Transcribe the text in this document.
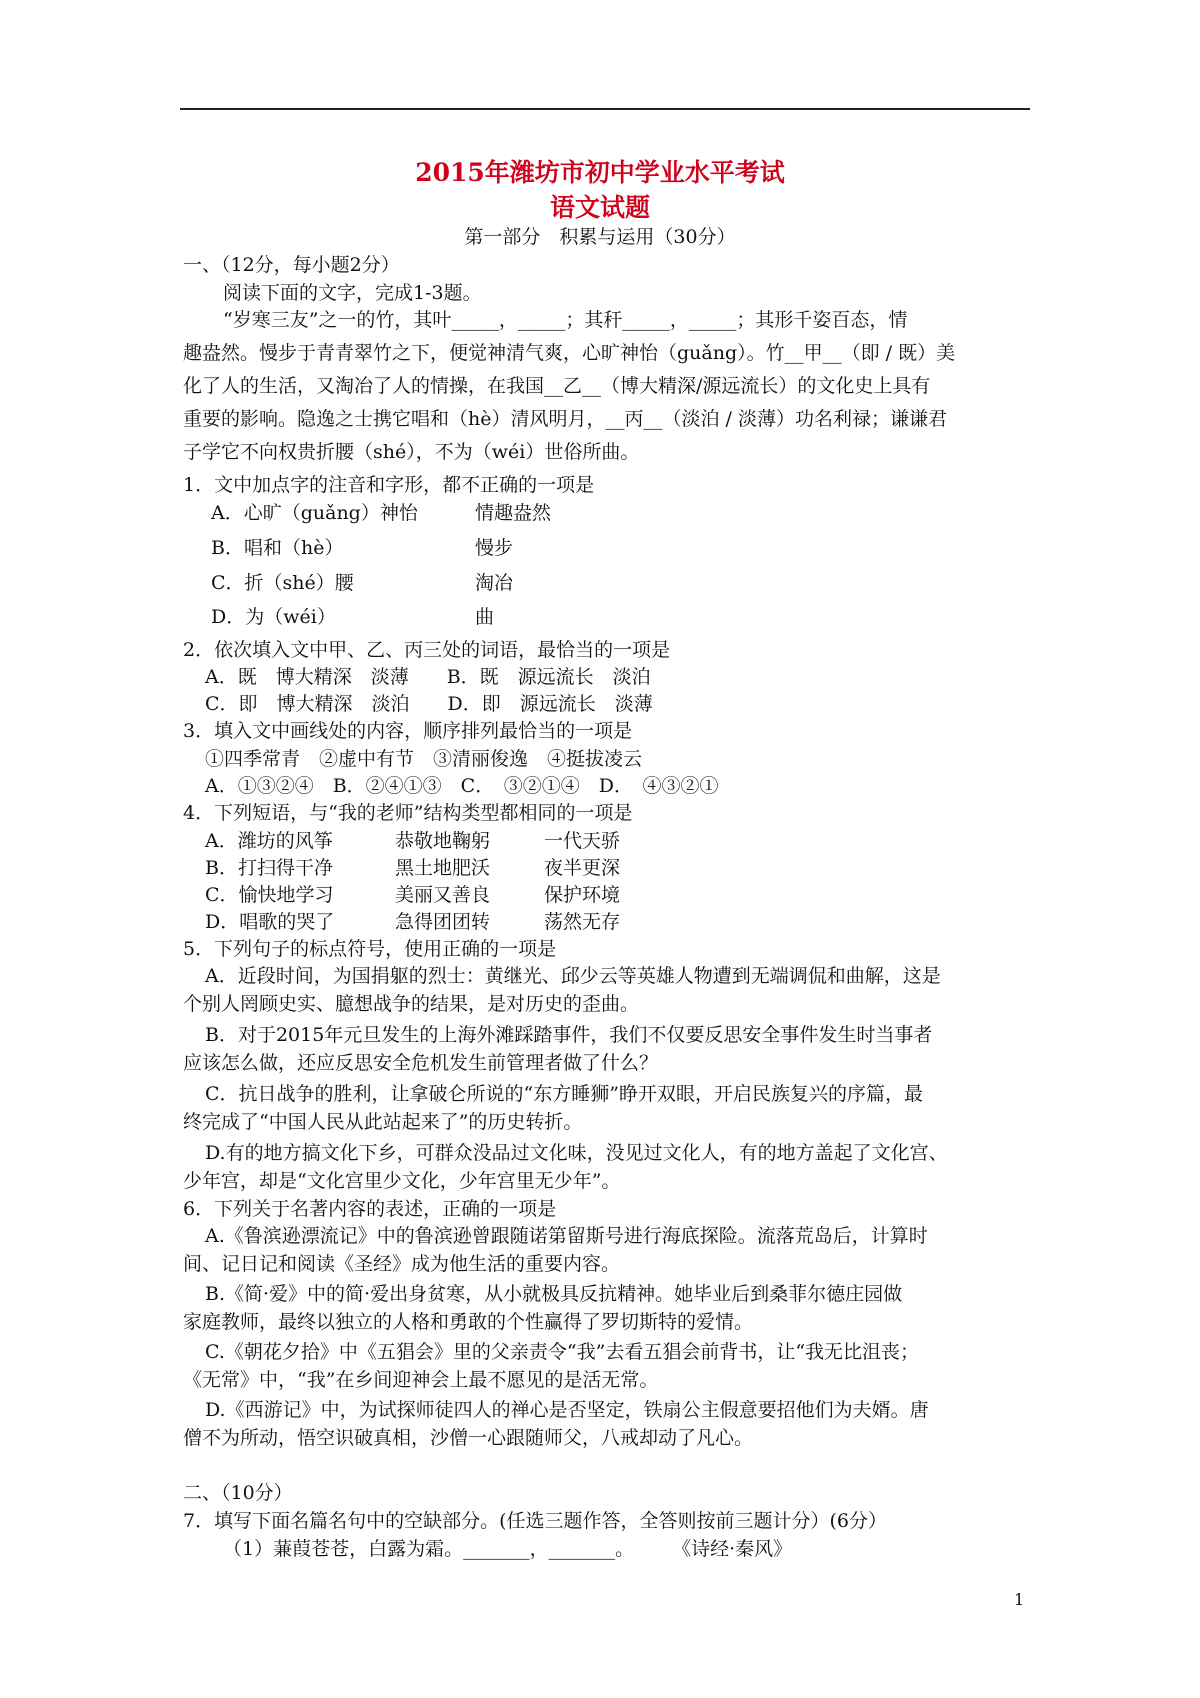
2015年潍坊市初中学业水平考试
语文试题
第一部分　积累与运用（30分）
一、（12分，每小题2分）
阅读下面的文字，完成1-3题。
“岁寒三友”之一的竹，其叶_____，_____；其秆_____，_____；其形千姿百态，情
趣盎然。慢步于青青翠竹之下，便觉神清气爽，心旷神怡（guǎng）。竹__甲__（即 / 既）美
化了人的生活，又淘冶了人的情操，在我国__乙__（博大精深/源远流长）的文化史上具有
重要的影响。隐逸之士携它唱和（hè）清风明月，__丙__（淡泊 / 淡薄）功名利禄；谦谦君
子学它不向权贵折腰（shé），不为（wéi）世俗所曲。
1．文中加点字的注音和字形，都不正确的一项是
A．心旷（guǎng）神怡	情趣盎然
B．唱和（hè）	慢步
C．折（shé）腰	淘冶
D．为（wéi）	曲
2．依次填入文中甲、乙、丙三处的词语，最恰当的一项是
A．既　博大精深　淡薄　　B．既　源远流长　淡泊
C．即　博大精深　淡泊　　D．即　源远流长　淡薄
3．填入文中画线处的内容，顺序排列最恰当的一项是
①四季常青　②虚中有节　③清丽俊逸　④挺拔凌云
A．①③②④　B．②④①③　C．　③②①④　D．　④③②①
4．下列短语，与“我的老师”结构类型都相同的一项是
A．潍坊的风筝	恭敬地鞠躬	一代天骄
B．打扫得干净	黑土地肥沃	夜半更深
C．愉快地学习	美丽又善良	保护环境
D．唱歌的哭了	急得团团转	荡然无存
5．下列句子的标点符号，使用正确的一项是
A．近段时间，为国捐躯的烈士：黄继光、邱少云等英雄人物遭到无端调侃和曲解，这是
个别人罔顾史实、臆想战争的结果，是对历史的歪曲。
B．对于2015年元旦发生的上海外滩踩踏事件，我们不仅要反思安全事件发生时当事者
应该怎么做，还应反思安全危机发生前管理者做了什么？
C．抗日战争的胜利，让拿破仑所说的“东方睡狮”睁开双眼，开启民族复兴的序篇，最
终完成了“中国人民从此站起来了”的历史转折。
D.有的地方搞文化下乡，可群众没品过文化味，没见过文化人，有的地方盖起了文化宫、
少年宫，却是“文化宫里少文化，少年宫里无少年”。
6．下列关于名著内容的表述，正确的一项是
A.《鲁滨逊漂流记》中的鲁滨逊曾跟随诺第留斯号进行海底探险。流落荒岛后，计算时
间、记日记和阅读《圣经》成为他生活的重要内容。
B.《简·爱》中的简·爱出身贫寒，从小就极具反抗精神。她毕业后到桑菲尔德庄园做
家庭教师，最终以独立的人格和勇敢的个性赢得了罗切斯特的爱情。
C.《朝花夕拾》中《五猖会》里的父亲责令“我”去看五猖会前背书，让“我无比沮丧；
《无常》中，“我”在乡间迎神会上最不愿见的是活无常。
D.《西游记》中，为试探师徒四人的禅心是否坚定，铁扇公主假意要招他们为夫婿。唐
僧不为所动，悟空识破真相，沙僧一心跟随师父，八戒却动了凡心。
二、（10分）
7．填写下面名篇名句中的空缺部分。(任选三题作答，全答则按前三题计分）(6分）
（1）蒹葭苍苍，白露为霜。_______，_______。　　　《诗经·秦风》
1
